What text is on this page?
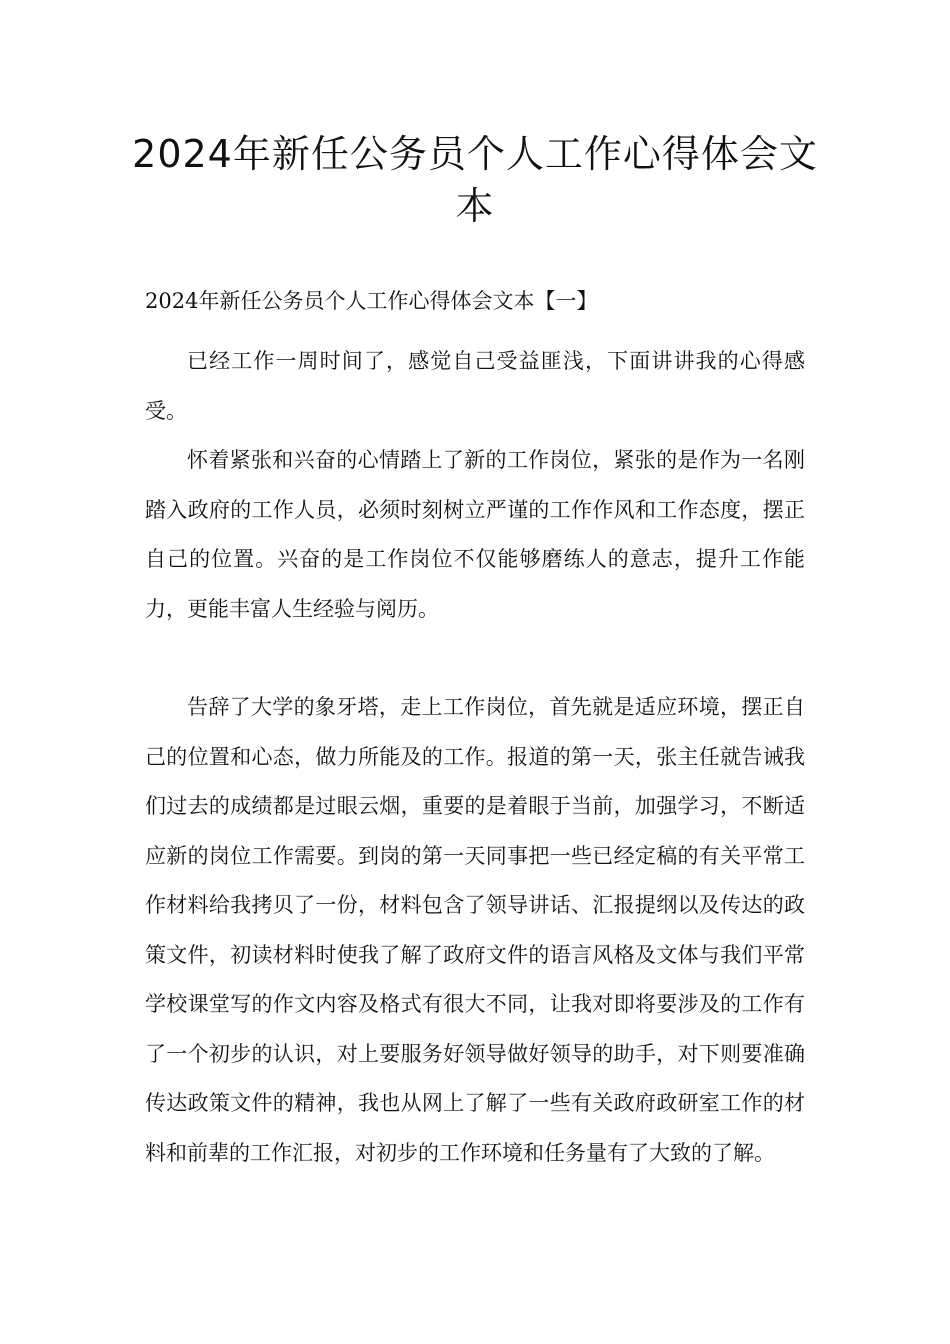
2024年新任公务员个人工作心得体会文本

2024年新任公务员个人工作心得体会文本【一】

已经工作一周时间了，感觉自己受益匪浅，下面讲讲我的心得感受。

怀着紧张和兴奋的心情踏上了新的工作岗位，紧张的是作为一名刚踏入政府的工作人员，必须时刻树立严谨的工作作风和工作态度，摆正自己的位置。兴奋的是工作岗位不仅能够磨练人的意志，提升工作能力，更能丰富人生经验与阅历。

告辞了大学的象牙塔，走上工作岗位，首先就是适应环境，摆正自己的位置和心态，做力所能及的工作。报道的第一天，张主任就告诫我们过去的成绩都是过眼云烟，重要的是着眼于当前，加强学习，不断适应新的岗位工作需要。到岗的第一天同事把一些已经定稿的有关平常工作材料给我拷贝了一份，材料包含了领导讲话、汇报提纲以及传达的政策文件，初读材料时使我了解了政府文件的语言风格及文体与我们平常学校课堂写的作文内容及格式有很大不同，让我对即将要涉及的工作有了一个初步的认识，对上要服务好领导做好领导的助手，对下则要准确传达政策文件的精神，我也从网上了解了一些有关政府政研室工作的材料和前辈的工作汇报，对初步的工作环境和任务量有了大致的了解。
